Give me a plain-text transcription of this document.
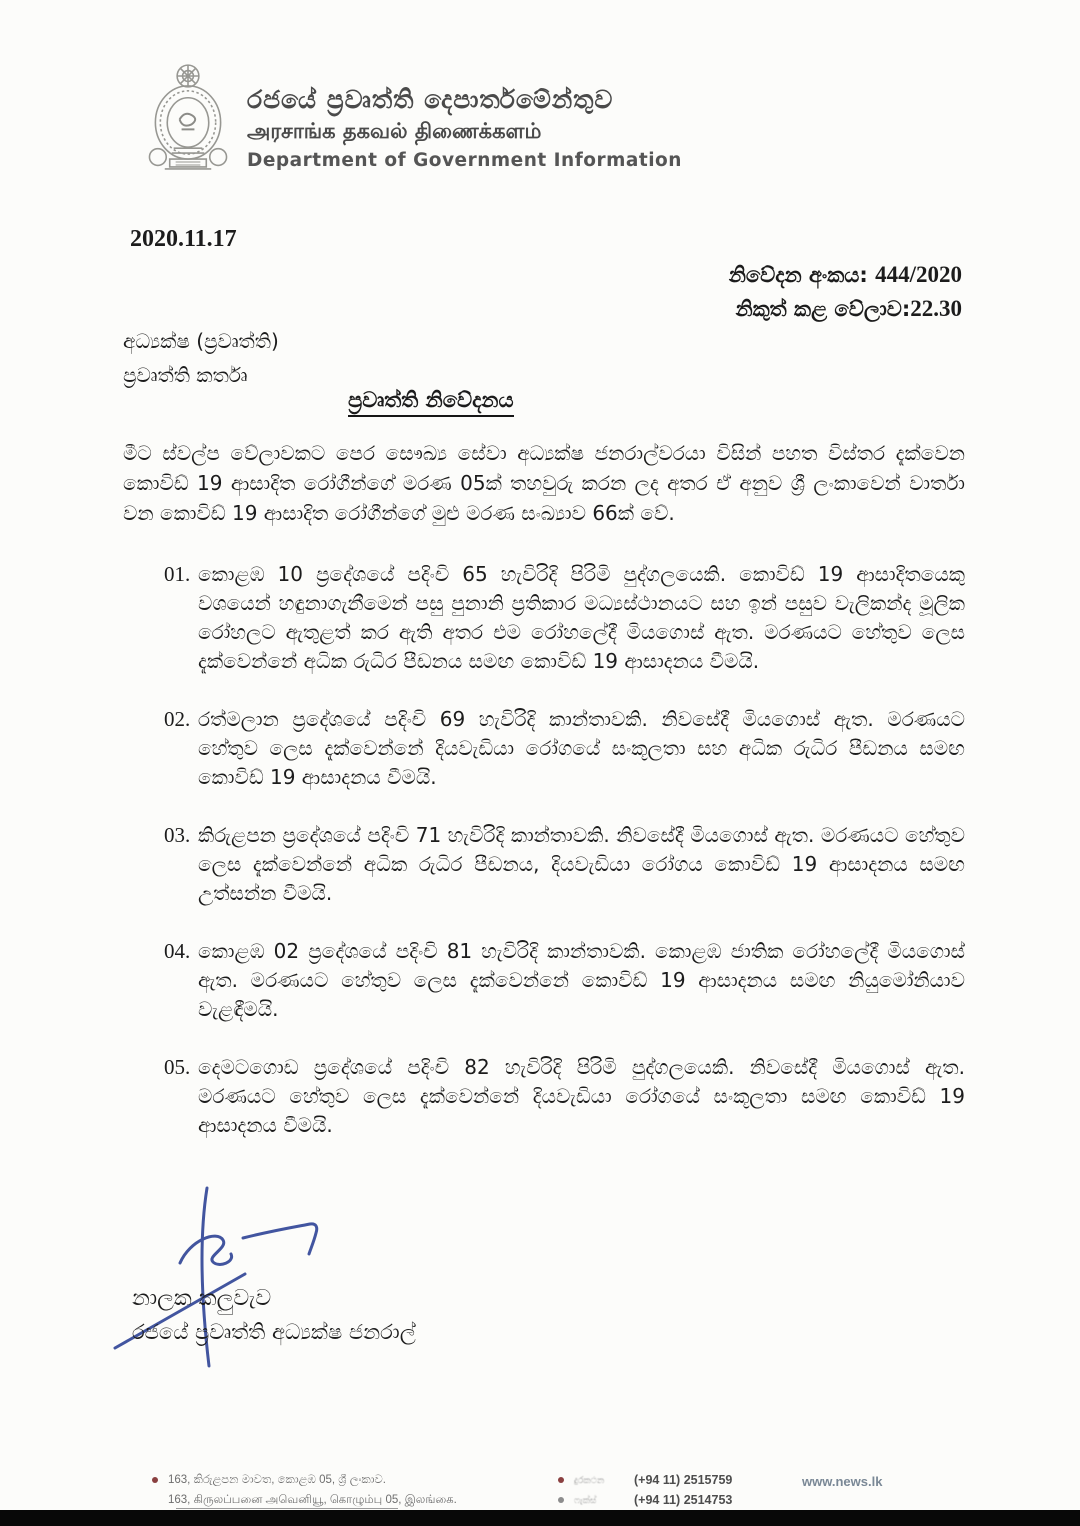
රජයේ ප්‍රවෘත්ති දෙපාර්තමේන්තුව
அரசாங்க தகவல் திணைக்களம்
Department of Government Information
2020.11.17
නිවේදන අංකය: 444/2020
නිකුත් කළ වේලාව:22.30
අධ්‍යක්ෂ (ප්‍රවෘත්ති)
ප්‍රවෘත්ති කර්තෘ
ප්‍රවෘත්ති නිවේදනය
මීට ස්වල්ප වේලාවකට පෙර සෞඛ්‍ය සේවා අධ්‍යක්ෂ ජනරාල්වරයා විසින් පහත විස්තර දැක්වෙන කොවිඩ් 19 ආසාදිත රෝගීන්ගේ මරණ 05ක් තහවුරු කරන ලද අතර ඒ අනුව ශ්‍රී ලංකාවෙන් වාර්තා වන කොවිඩ් 19 ආසාදිත රෝගීන්ගේ මුළු මරණ සංඛ්‍යාව 66ක් වේ.
01. කොළඹ 10 ප්‍රදේශයේ පදිංචි 65 හැවිරිදි පිරිමි පුද්ගලයෙකි. කොවිඩ් 19 ආසාදිතයෙකු වශයෙන් හඳුනාගැනීමෙන් පසු පුනානි ප්‍රතිකාර මධ්‍යස්ථානයට සහ ඉන් පසුව වැලිකන්ද මූලික රෝහලට ඇතුළත් කර ඇති අතර එම රෝහලේදී මියගොස් ඇත. මරණයට හේතුව ලෙස දැක්වෙන්නේ අධික රුධිර පීඩනය සමඟ කොවිඩ් 19 ආසාදනය වීමයි.
02. රත්මලාන ප්‍රදේශයේ පදිංචි 69 හැවිරිදි කාන්තාවකි. නිවසේදී මියගොස් ඇත. මරණයට හේතුව ලෙස දැක්වෙන්නේ දියවැඩියා රෝගයේ සංකූලතා සහ අධික රුධිර පීඩනය සමඟ කොවිඩ් 19 ආසාදනය වීමයි.
03. කිරුළපන ප්‍රදේශයේ පදිංචි 71 හැවිරිදි කාන්තාවකි. නිවසේදී මියගොස් ඇත. මරණයට හේතුව ලෙස දැක්වෙන්නේ අධික රුධිර පීඩනය, දියවැඩියා රෝගය කොවිඩ් 19 ආසාදනය සමඟ උත්සන්න වීමයි.
04. කොළඹ 02 ප්‍රදේශයේ පදිංචි 81 හැවිරිදි කාන්තාවකි. කොළඹ ජාතික රෝහලේදී මියගොස් ඇත. මරණයට හේතුව ලෙස දැක්වෙන්නේ කොවිඩ් 19 ආසාදනය සමඟ නියුමෝනියාව වැළඳීමයි.
05. දෙමටගොඩ ප්‍රදේශයේ පදිංචි 82 හැවිරිදි පිරිමි පුද්ගලයෙකි. නිවසේදී මියගොස් ඇත. මරණයට හේතුව ලෙස දැක්වෙන්නේ දියවැඩියා රෝගයේ සංකූලතා සමඟ කොවිඩ් 19 ආසාදනය වීමයි.
නාලක කලුවැව
රජයේ ප්‍රවෘත්ති අධ්‍යක්ෂ ජනරාල්
163, කිරුළපන මාවත, කොළඹ 05, ශ්‍රී ලංකාව.
163, கிருலப்பனை அவெனியூ, கொழும்பு 05, இலங்கை.
දුරකථන	(+94 11) 2515759
ෆැක්ස්	(+94 11) 2514753
www.news.lk
